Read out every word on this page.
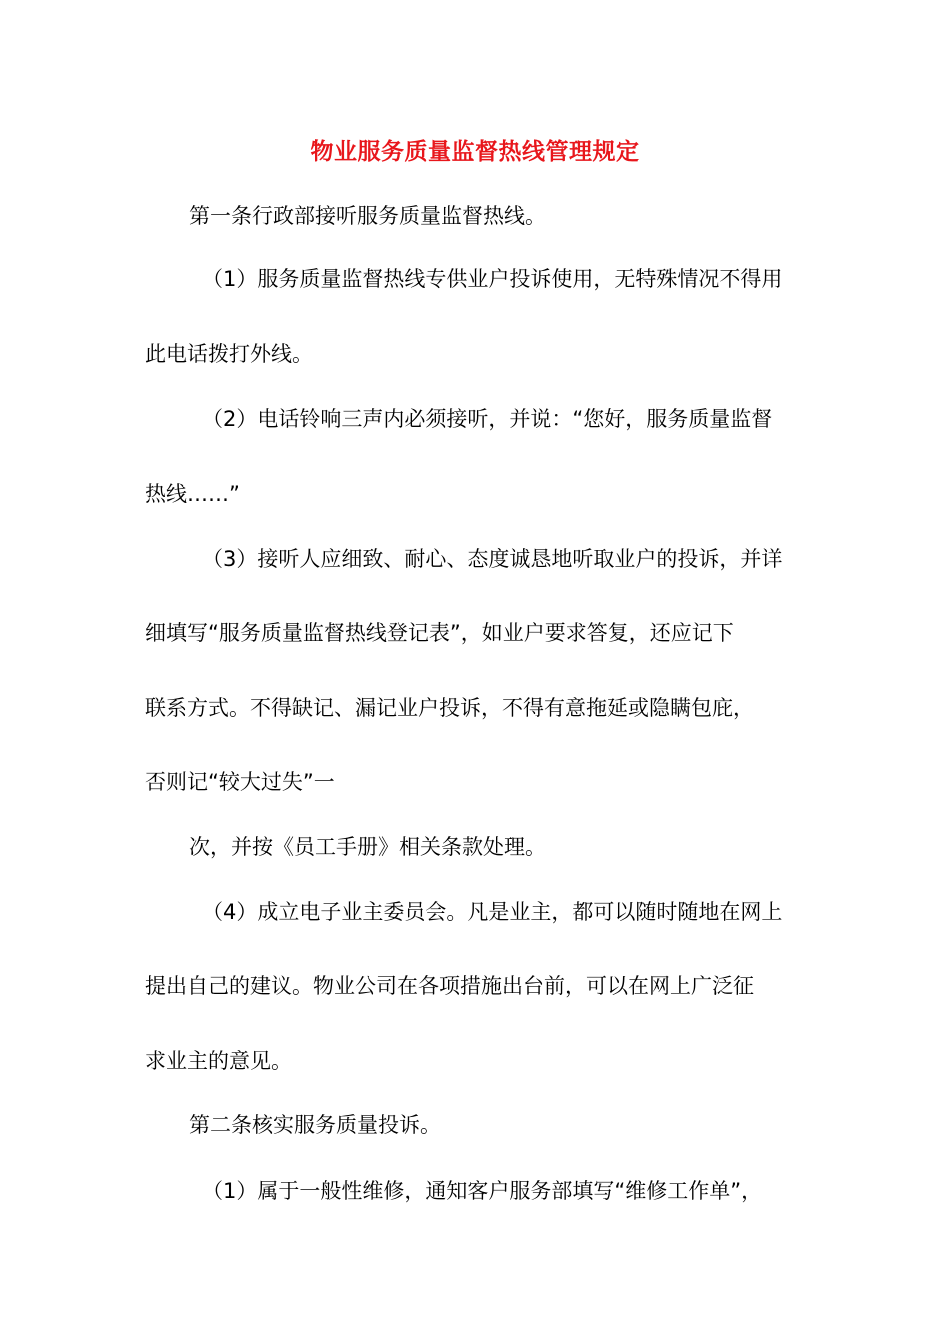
物业服务质量监督热线管理规定

第一条行政部接听服务质量监督热线。

（1）服务质量监督热线专供业户投诉使用，无特殊情况不得用

此电话拨打外线。

（2）电话铃响三声内必须接听，并说：“您好，服务质量监督

热线……”

（3）接听人应细致、耐心、态度诚恳地听取业户的投诉，并详

细填写“服务质量监督热线登记表”，如业户要求答复，还应记下

联系方式。不得缺记、漏记业户投诉，不得有意拖延或隐瞒包庇，

否则记“较大过失”一

次，并按《员工手册》相关条款处理。

（4）成立电子业主委员会。凡是业主，都可以随时随地在网上

提出自己的建议。物业公司在各项措施出台前，可以在网上广泛征

求业主的意见。

第二条核实服务质量投诉。

（1）属于一般性维修，通知客户服务部填写“维修工作单”，
